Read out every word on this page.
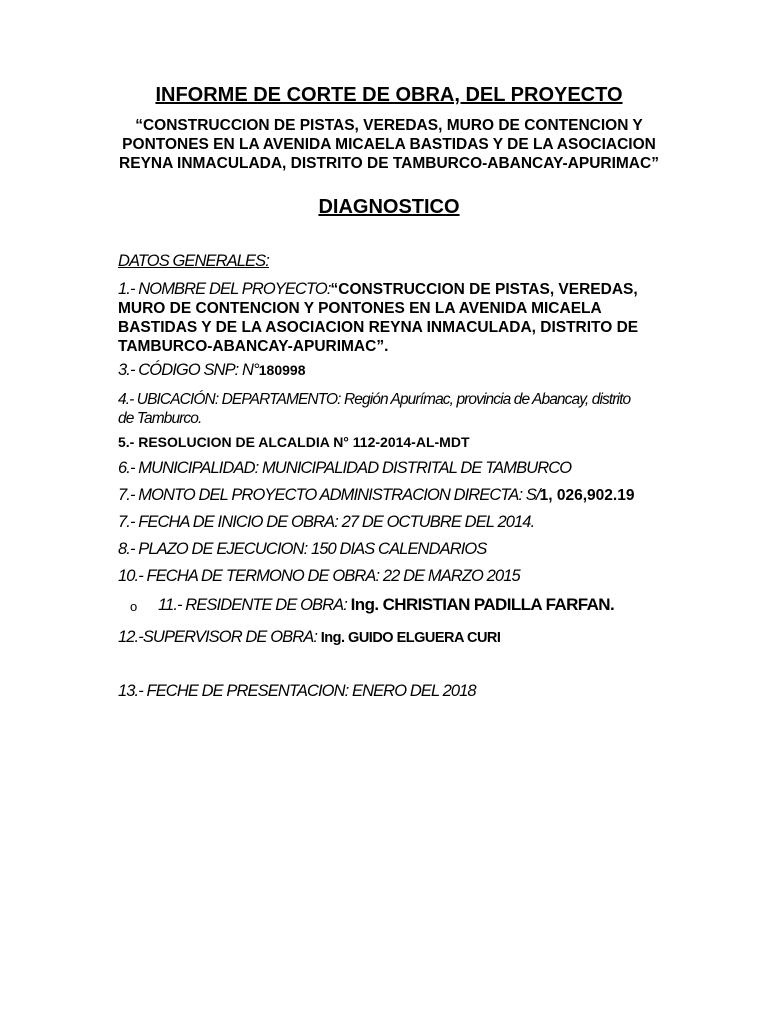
INFORME DE CORTE DE OBRA, DEL PROYECTO
“CONSTRUCCION DE PISTAS, VEREDAS, MURO DE CONTENCION Y PONTONES EN LA AVENIDA MICAELA BASTIDAS Y DE LA ASOCIACION REYNA INMACULADA, DISTRITO DE TAMBURCO-ABANCAY-APURIMAC”
DIAGNOSTICO
DATOS GENERALES:
1.- NOMBRE DEL PROYECTO:“CONSTRUCCION DE PISTAS, VEREDAS, MURO DE CONTENCION Y PONTONES EN LA AVENIDA MICAELA BASTIDAS Y DE LA ASOCIACION REYNA INMACULADA, DISTRITO DE TAMBURCO-ABANCAY-APURIMAC”.
3.- CÓDIGO SNP: N°180998
4.- UBICACIÓN: DEPARTAMENTO: Región Apurímac, provincia de Abancay, distrito de Tamburco.
5.- RESOLUCION DE ALCALDIA N° 112-2014-AL-MDT
6.- MUNICIPALIDAD: MUNICIPALIDAD DISTRITAL DE TAMBURCO
7.- MONTO DEL PROYECTO ADMINISTRACION DIRECTA: S/1, 026,902.19
7.- FECHA DE INICIO DE OBRA: 27 DE OCTUBRE DEL 2014.
8.- PLAZO DE EJECUCION: 150 DIAS CALENDARIOS
10.- FECHA DE TERMONO DE OBRA: 22 DE MARZO 2015
o 11.- RESIDENTE DE OBRA: Ing. CHRISTIAN PADILLA FARFAN.
12.-SUPERVISOR DE OBRA: Ing. GUIDO ELGUERA CURI
13.- FECHE DE PRESENTACION: ENERO DEL 2018
